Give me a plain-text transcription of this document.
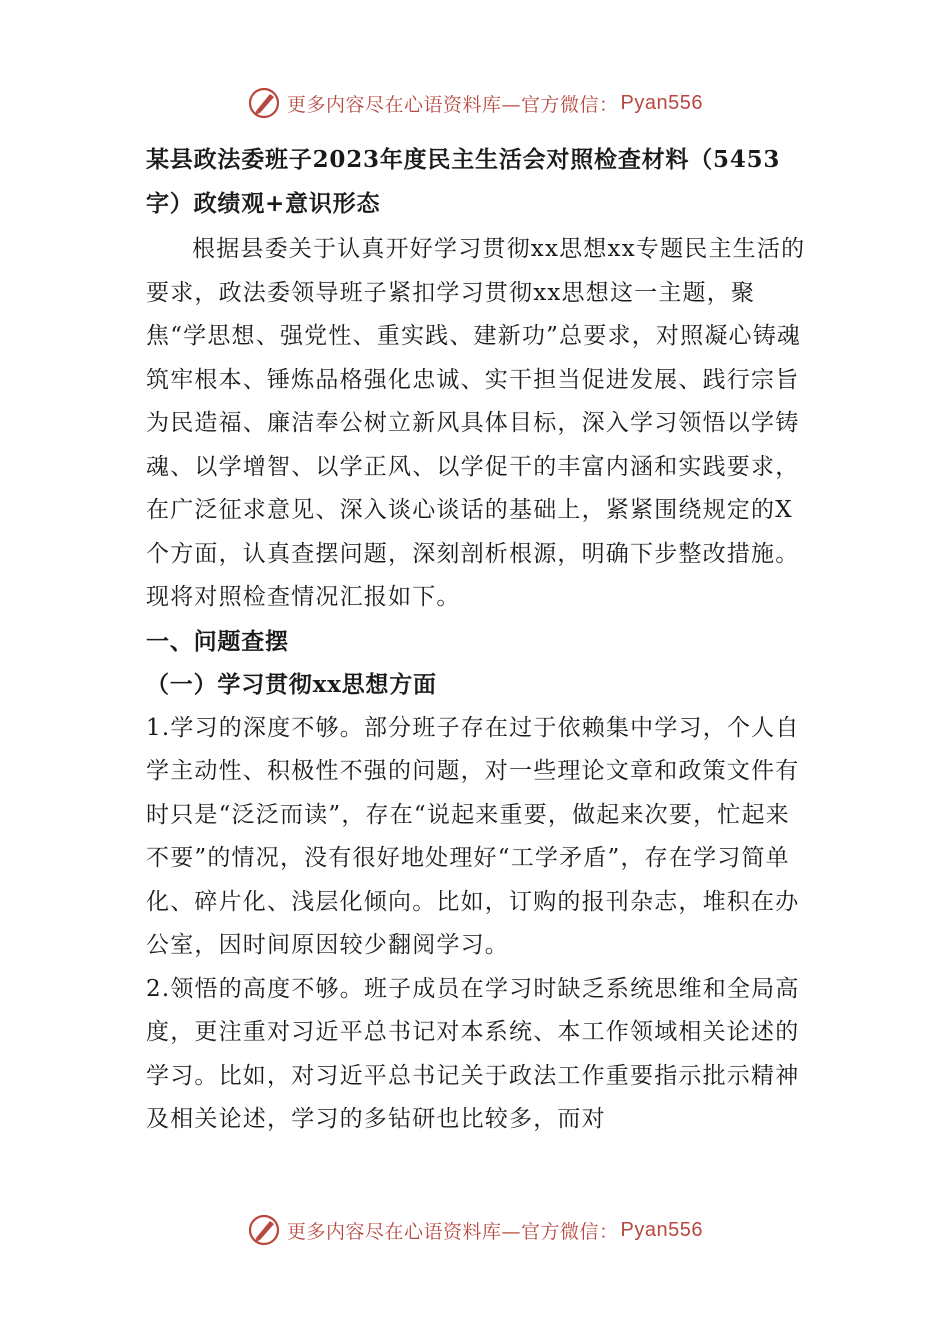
更多内容尽在心语资料库—官方微信： Pyan556
某县政法委班子2023年度民主生活会对照检查材料（5453字）政绩观+意识形态

根据县委关于认真开好学习贯彻xx思想xx专题民主生活的要求，政法委领导班子紧扣学习贯彻xx思想这一主题，聚焦“学思想、强党性、重实践、建新功”总要求，对照凝心铸魂筑牢根本、锤炼品格强化忠诚、实干担当促进发展、践行宗旨为民造福、廉洁奉公树立新风具体目标，深入学习领悟以学铸魂、以学增智、以学正风、以学促干的丰富内涵和实践要求，在广泛征求意见、深入谈心谈话的基础上，紧紧围绕规定的X个方面，认真查摆问题，深刻剖析根源，明确下步整改措施。现将对照检查情况汇报如下。

一、问题查摆
（一）学习贯彻xx思想方面

1.学习的深度不够。部分班子存在过于依赖集中学习，个人自学主动性、积极性不强的问题，对一些理论文章和政策文件有时只是“泛泛而读”，存在“说起来重要，做起来次要，忙起来不要”的情况，没有很好地处理好“工学矛盾”，存在学习简单化、碎片化、浅层化倾向。比如，订购的报刊杂志，堆积在办公室，因时间原因较少翻阅学习。

2.领悟的高度不够。班子成员在学习时缺乏系统思维和全局高度，更注重对习近平总书记对本系统、本工作领域相关论述的学习。比如，对习近平总书记关于政法工作重要指示批示精神及相关论述，学习的多钻研也比较多，而对

更多内容尽在心语资料库—官方微信： Pyan556
